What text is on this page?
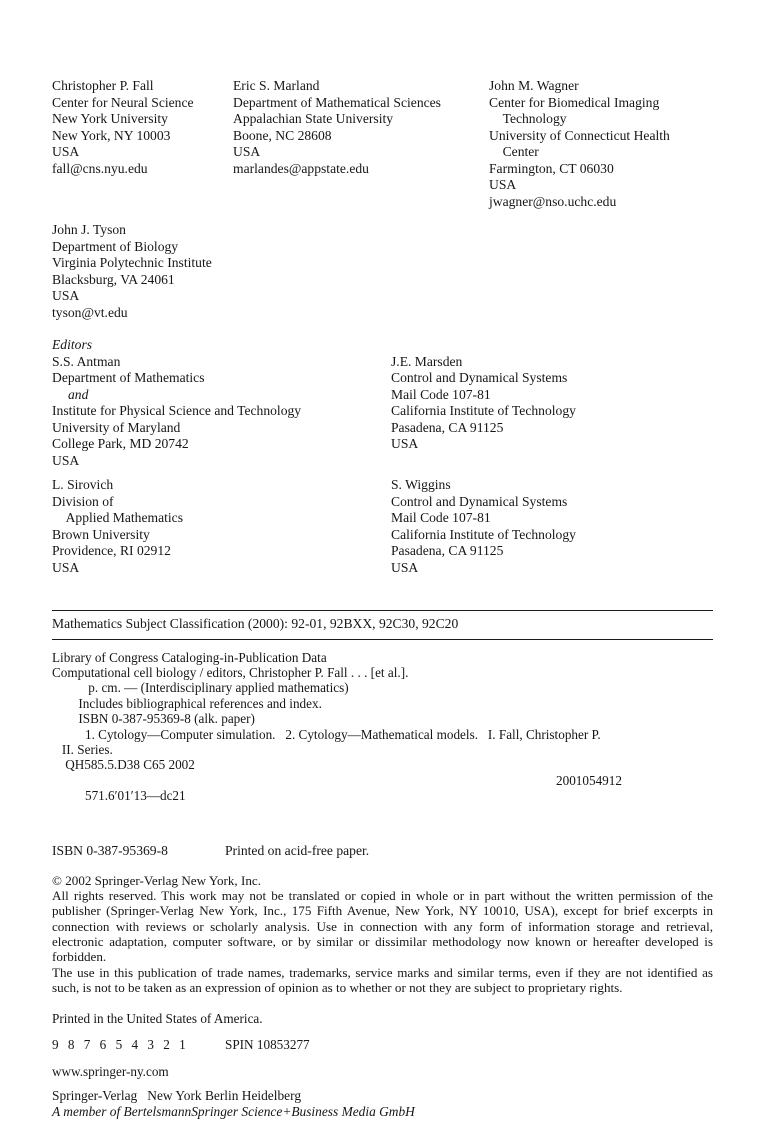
Christopher P. Fall
Center for Neural Science
New York University
New York, NY 10003
USA
fall@cns.nyu.edu
Eric S. Marland
Department of Mathematical Sciences
Appalachian State University
Boone, NC 28608
USA
marlandes@appstate.edu
John M. Wagner
Center for Biomedical Imaging
Technology
University of Connecticut Health
Center
Farmington, CT 06030
USA
jwagner@nso.uchc.edu
John J. Tyson
Department of Biology
Virginia Polytechnic Institute
Blacksburg, VA 24061
USA
tyson@vt.edu
Editors
S.S. Antman
Department of Mathematics
and
Institute for Physical Science and Technology
University of Maryland
College Park, MD 20742
USA
J.E. Marsden
Control and Dynamical Systems
Mail Code 107-81
California Institute of Technology
Pasadena, CA 91125
USA
L. Sirovich
Division of
Applied Mathematics
Brown University
Providence, RI 02912
USA
S. Wiggins
Control and Dynamical Systems
Mail Code 107-81
California Institute of Technology
Pasadena, CA 91125
USA
Mathematics Subject Classification (2000): 92-01, 92BXX, 92C30, 92C20
Library of Congress Cataloging-in-Publication Data
Computational cell biology / editors, Christopher P. Fall . . . [et al.].
p. cm. — (Interdisciplinary applied mathematics)
Includes bibliographical references and index.
ISBN 0-387-95369-8 (alk. paper)
1. Cytology—Computer simulation.   2. Cytology—Mathematical models.   I. Fall, Christopher P.
II. Series.
QH585.5.D38 C65 2002

571.6′01′13—dc21

2001054912

ISBN 0-387-95369-8	Printed on acid-free paper.
© 2002 Springer-Verlag New York, Inc.

All rights reserved. This work may not be translated or copied in whole or in part without the written permission of the publisher (Springer-Verlag New York, Inc., 175 Fifth Avenue, New York, NY 10010, USA), except for brief excerpts in connection with reviews or scholarly analysis. Use in connection with any form of information storage and retrieval, electronic adaptation, computer software, or by similar or dissimilar methodology now known or hereafter developed is forbidden.

The use in this publication of trade names, trademarks, service marks and similar terms, even if they are not identified as such, is not to be taken as an expression of opinion as to whether or not they are subject to proprietary rights.

Printed in the United States of America.
9 8 7 6 5 4 3 2 1	SPIN 10853277
www.springer-ny.com
Springer-Verlag   New York Berlin Heidelberg
A member of BertelsmannSpringer Science+Business Media GmbH
